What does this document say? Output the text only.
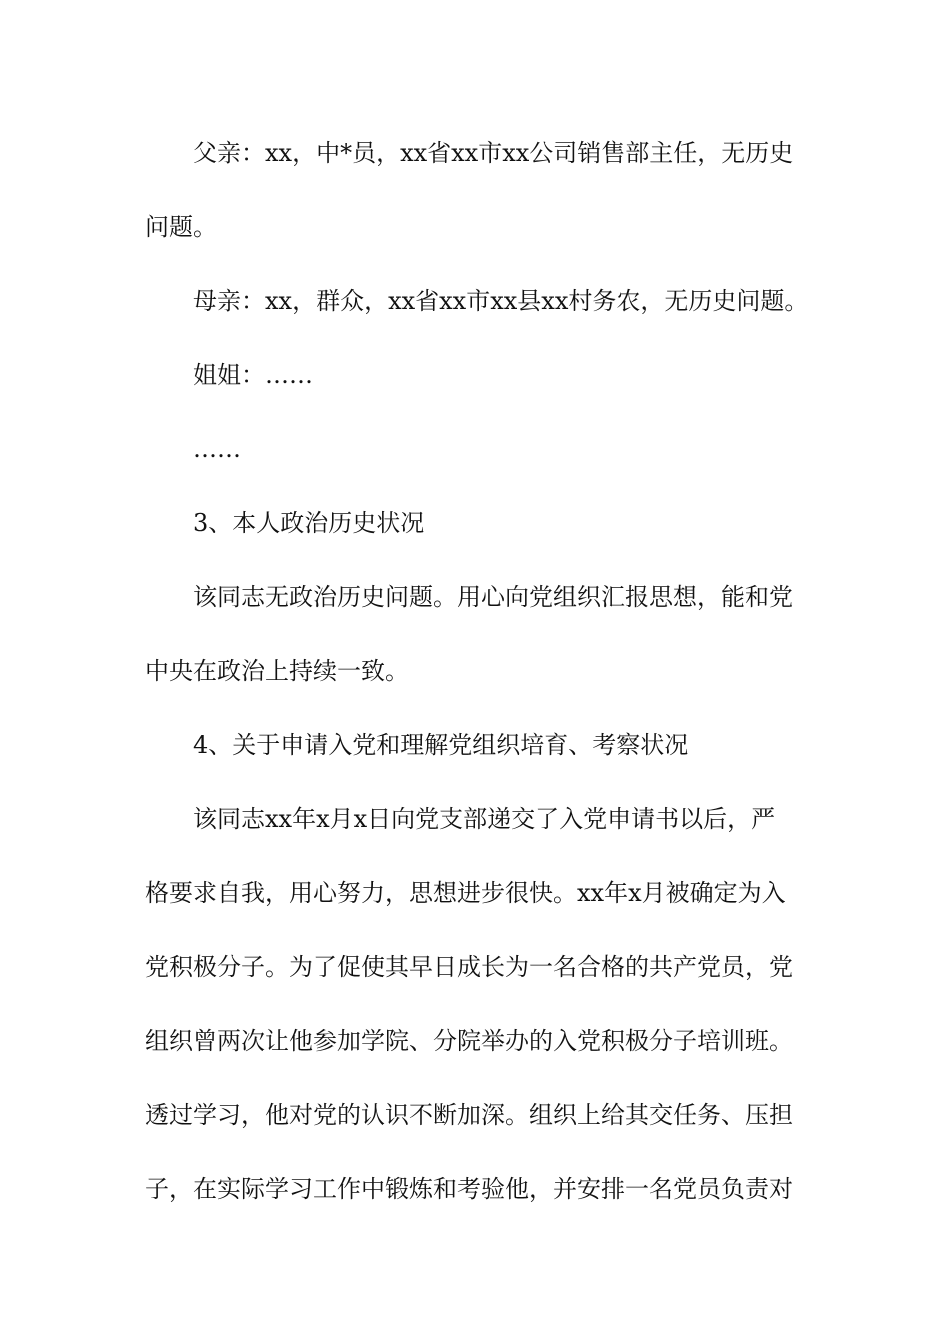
父亲：xx，中*员，xx省xx市xx公司销售部主任，无历史
问题。
母亲：xx，群众，xx省xx市xx县xx村务农，无历史问题。
姐姐：……
……
3、本人政治历史状况
该同志无政治历史问题。用心向党组织汇报思想，能和党
中央在政治上持续一致。
4、关于申请入党和理解党组织培育、考察状况
该同志xx年x月x日向党支部递交了入党申请书以后，严
格要求自我，用心努力，思想进步很快。xx年x月被确定为入
党积极分子。为了促使其早日成长为一名合格的共产党员，党
组织曾两次让他参加学院、分院举办的入党积极分子培训班。
透过学习，他对党的认识不断加深。组织上给其交任务、压担
子，在实际学习工作中锻炼和考验他，并安排一名党员负责对
